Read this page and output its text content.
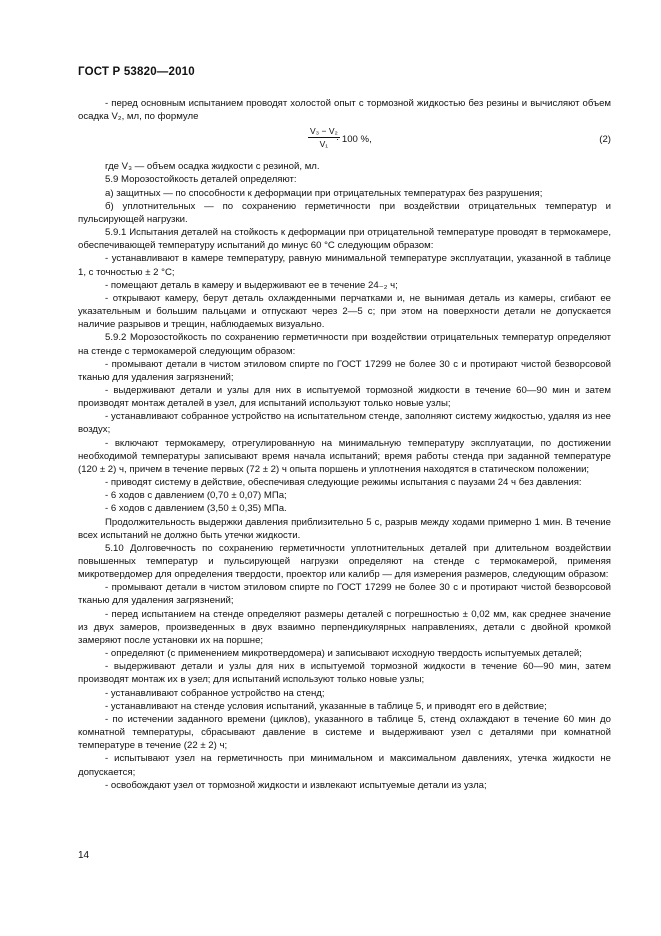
ГОСТ Р 53820—2010

- перед основным испытанием проводят холостой опыт с тормозной жидкостью без резины и вычисляют объем осадка V₂, мл, по формуле

$\frac{\text{V₃ − V₂}}{\text{V₁}}$
· 100 %,	(2)

где V₃ — объем осадка жидкости с резиной, мл.

5.9 Морозостойкость деталей определяют:

а) защитных — по способности к деформации при отрицательных температурах без разрушения;

б) уплотнительных — по сохранению герметичности при воздействии отрицательных температур и пульсирующей нагрузки.

5.9.1 Испытания деталей на стойкость к деформации при отрицательной температуре проводят в термокамере, обеспечивающей температуру испытаний до минус 60 °С следующим образом:

- устанавливают в камере температуру, равную минимальной температуре эксплуатации, указанной в таблице 1, с точностью ± 2 °С;

- помещают деталь в камеру и выдерживают ее в течение 24₋₂ ч;

- открывают камеру, берут деталь охлажденными перчатками и, не вынимая деталь из камеры, сгибают ее указательным и большим пальцами и отпускают через 2—5 с; при этом на поверхности детали не допускается наличие разрывов и трещин, наблюдаемых визуально.

5.9.2 Морозостойкость по сохранению герметичности при воздействии отрицательных температур определяют на стенде с термокамерой следующим образом:

- промывают детали в чистом этиловом спирте по ГОСТ 17299 не более 30 с и протирают чистой безворсовой тканью для удаления загрязнений;

- выдерживают детали и узлы для них в испытуемой тормозной жидкости в течение 60—90 мин и затем производят монтаж деталей в узел, для испытаний используют только новые узлы;

- устанавливают собранное устройство на испытательном стенде, заполняют систему жидкостью, удаляя из нее воздух;

- включают термокамеру, отрегулированную на минимальную температуру эксплуатации, по достижении необходимой температуры записывают время начала испытаний; время работы стенда при заданной температуре (120 ± 2) ч, причем в течение первых (72 ± 2) ч опыта поршень и уплотнения находятся в статическом положении;

- приводят систему в действие, обеспечивая следующие режимы испытания с паузами 24 ч без давления:

- 6 ходов с давлением (0,70 ± 0,07) МПа;

- 6 ходов с давлением (3,50 ± 0,35) МПа.

Продолжительность выдержки давления приблизительно 5 с, разрыв между ходами примерно 1 мин. В течение всех испытаний не должно быть утечки жидкости.

5.10 Долговечность по сохранению герметичности уплотнительных деталей при длительном воздействии повышенных температур и пульсирующей нагрузки определяют на стенде с термокамерой, применяя микротвердомер для определения твердости, проектор или калибр — для измерения размеров, следующим образом:

- промывают детали в чистом этиловом спирте по ГОСТ 17299 не более 30 с и протирают чистой безворсовой тканью для удаления загрязнений;

- перед испытанием на стенде определяют размеры деталей с погрешностью ± 0,02 мм, как среднее значение из двух замеров, произведенных в двух взаимно перпендикулярных направлениях, детали с двойной кромкой замеряют после установки их на поршне;

- определяют (с применением микротвердомера) и записывают исходную твердость испытуемых деталей;

- выдерживают детали и узлы для них в испытуемой тормозной жидкости в течение 60—90 мин, затем производят монтаж их в узел; для испытаний используют только новые узлы;

- устанавливают собранное устройство на стенд;

- устанавливают на стенде условия испытаний, указанные в таблице 5, и приводят его в действие;

- по истечении заданного времени (циклов), указанного в таблице 5, стенд охлаждают в течение 60 мин до комнатной температуры, сбрасывают давление в системе и выдерживают узел с деталями при комнатной температуре в течение (22 ± 2) ч;

- испытывают узел на герметичность при минимальном и максимальном давлениях, утечка жидкости не допускается;

- освобождают узел от тормозной жидкости и извлекают испытуемые детали из узла;

14
